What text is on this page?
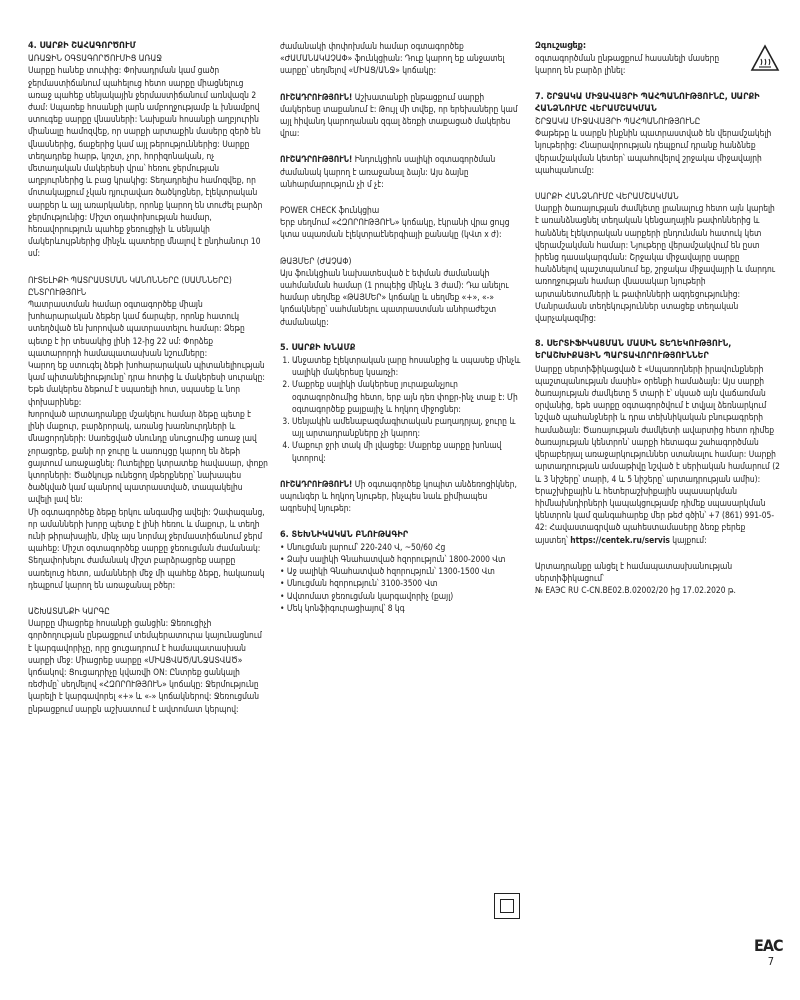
4. ՍԱՐՔԻ ՇԱՀԱԳՈՐԾՈՒՄ

ԱՌԱՋԻՆ ՕԳՏԱԳՈՐԾՈՒՄԻՑ ԱՌԱՋ

Սարքը հանեք տուփից: Փոխադրման կամ ցածր ջերմաստիճանում պահելուց հետո սարքը միացնելուց առաջ պահեք սենյակային ջերմաստիճանում առնվազն 2 ժամ: Սպառեք հոսանքի լարն ամբողջությամբ և խնամքով ստուգեք սարքը վնասների: Նախքան հոսանքի աղբյուրին միանալը համոզվեք, որ սարքի արտաքին մասերը զերծ են վնասներից, ճաքերից կամ այլ թերություններից: Սարքը տեղադրեք հարթ, կոշտ, չոր, հորիզոնական, ոչ մետաղական մակերեսի վրա՝ հեռու ջերմության աղբյուրներից և բաց կրակից: Տեղադրելիս համոզվեք, որ մոտակայքում չկան դյուրավառ ծածկոցներ, էլեկտրական սարքեր և այլ առարկաներ, որոնք կարող են տուժել բարձր ջերմությունից: Միշտ օդափոխության համար, հեռավորություն պահեք ջեռուցիչի և սենյակի մակերևույթներից մինչև պատերը մնալով է ընդհանուր 10 սմ:

ՈՒՏԵԼԻՔԻ ՊԱՏՐԱՍՏՄԱՆ ԿԱՆՈՆՆԵՐԸ (ՍԱՄՆՆԵՐԸ) ԸՆՏՐՈՒԹՅՈՒՆ

Պատրաստման համար օգտագործեք միայն խոհարարական ձեթեր կամ ճարպեր, որոնք հատուկ ստեղծված են խորոված պատրաստելու համար: Ձեթը պետք է իր տեսակից լինի 12-ից 22 սմ: Փորձեք պատարորդի համապատասխան նշումները:

Կարող եք ստուգել ձեթի խոհարարական պիտանելիության կամ պիտանելիությունը՝ դրա հոտից և մակերեսի սուրակը: Եթե մակերես ձեթում է սպառելի հոտ, սպասեք և նոր փոխարինեք:

Խորոված արտադրանքը մշակելու համար ձեթը պետք է լինի մաքուր, բարձրորակ, առանց խառնուրդների և մնացորդների: Սառեցված սնունդը սնուցումից առաջ լավ չորացրեք, քանի որ ջուրը և սառույցը կարող են ձեթի ցայտում առաջացնել: Ուտելիքը կտրատեք հավասար, փոքր կտորների: Ծածկույթ ունեցող մթերքները՝ նախապես ծածկված կամ պանրով պատրաստված, տապակելիս ավելի լավ են:

Մի օգտագործեք ձեթը երկու անգամից ավելի: Չափազանց, որ ամանների խորը պետք է լինի հեռու և մաքուր, և տեղի ունի թիրախային, մինչ այս նորմալ ջերմաստիճանում ջերմ պահեք: Միշտ օգտագործեք սարքը ջեռուցման ժամանակ:

Տեղափոխելու ժամանակ միշտ բարձրացրեք սարքը սառելուց հետո, ամանների մեջ մի պահեք ձեթը, հակառակ դեպքում կարող են առաջանալ բծեր:

ԱՇԽԱՏԱՆՔԻ ԿԱՐԳԸ

Սարքը միացրեք հոսանքի ցանցին: Ջեռուցիչի գործողության ընթացքում տեմպերատուրա կայունացնում է կարգավորիչը, որը ցուցադրում է համապատասխան սարքի մեջ: Միացրեք սարքը «ՄԻԱՑՎԱԾ/ԱՆՋԱՏՎԱԾ» կոճակով: Ցուցադրիչը կվառվի ON: Ընտրեք ցանկալի ռեժիմը՝ սեղմելով «ՀԶՈՐՈՒԹՅՈՒՆ» կոճակը: Ջերմությունը կարելի է կարգավորել «+» և «-» կոճակներով: Ջեռուցման ընթացքում սարքն աշխատում է ավտոմատ կերպով:

ժամանակի փոփոխման համար օգտագործեք «ԺԱՄԱՆԱԿԱՉԱՓ» ֆունկցիան: Դուք կարող եք անջատել սարքը՝ սեղմելով «ՄԻԱՑ/ԱՆՋ» կոճակը:

ՈՒՇԱԴՐՈՒԹՅՈՒՆ! Աշխատանքի ընթացքում սարքի մակերեսը տաքանում է: Թույլ մի տվեք, որ երեխաները կամ այլ հիվանդ կարողանան զգալ ձեռքի տաքացած մակերես վրա:

ՈՒՇԱԴՐՈՒԹՅՈՒՆ! Ինդուկցիոն սալիկի օգտագործման ժամանակ կարող է առաջանալ ձայն: Այս ձայնը անհարմարություն չի մ չէ:

POWER CHECK ֆունկցիա

Երբ սեղմում «ՀԶՈՐՈՒԹՅՈՒՆ» կոճակը, էկրանի վրա ցույց կտա սպառման էլեկտրաէներգիայի քանակը (կՎտ x ժ):

ԹԱՅՄԵՐ (ԺԱՉԱՓ)

Այս ֆունկցիան նախատեսված է եփման ժամանակի սահմանման համար (1 րոպեից մինչև 3 ժամ): Դա անելու համար սեղմեք «ԹԱՅՄԵՐ» կոճակը և սեղմեք «+», «-» կոճակները՝ սահմանելու պատրաստման անհրաժեշտ ժամանակը:

5. ՍԱՐՔԻ ԽՆԱՄՔ

1. Անջատեք էլեկտրական լարը հոսանքից և սպասեք մինչև սալիկի մակերեսը կսառչի:
2. Մաքրեք սալիկի մակերեսը յուրաքանչյուր օգտագործումից հետո, երբ այն դեռ փոքր-ինչ տաք է: Մի օգտագործեք քայքայիչ և հղկող միջոցներ:
3. Սենյակին ամենաբազմագիտական բաղադրյալ, ջուրը և այլ արտադրանքները չի կարող:
4. Մաքուր ջրի տակ մի լվացեք: Մաքրեք սարքը խոնավ կտորով:

ՈՒՇԱԴՐՈՒԹՅՈՒՆ! Մի օգտագործեք կոպիտ անձեռոցիկներ, սպունգեր և հղկող նյութեր, ինչպես նաև քիմիապես ագրեսիվ նյութեր:

6. ՏԵԽՆԻԿԱԿԱՆ ԲՆՈՒԹԱԳԻՐ

• Սնուցման լարում՝ 220-240 Վ, ~50/60 Հց

• Ձախ սալիկի Գնահատված հզորություն՝ 1800-2000 Վտ

• Աջ սալիկի Գնահատված հզորություն՝ 1300-1500 Վտ

• Սնուցման հզորություն՝ 3100-3500 Վտ

• Ավտոմատ ջեռուցման կարգավորիչ (քայլ)

• Մեկ կոնֆիգուրացիայով՝ 8 կգ

Զգուշացեք:

օգտագործման ընթացքում հասանելի մասերը կարող են բարձր լինել:

7. ՇՐՋԱԿԱ ՄԻՋԱՎԱՅՐԻ ՊԱՀՊԱՆՈՒԹՅՈՒՆԸ, ՍԱՐՔԻ ՀԱՆՁՆՈՒՄԸ ՎԵՐԱՄՇԱԿՄԱՆ

ՇՐՋԱԿԱ ՄԻՋԱՎԱՅՐԻ ՊԱՀՊԱՆՈՒԹՅՈՒՆԸ

Փաթեթը և սարքն ինքնին պատրաստված են վերամշակելի նյութերից: Հնարավորության դեպքում դրանք հանձնեք վերամշակման կետեր՝ ապահովելով շրջակա միջավայրի պահպանումը:

ՍԱՐՔԻ ՀԱՆՁՆՈՒՄԸ ՎԵՐԱՄՇԱԿՄԱՆ

Սարքի ծառայության ժամկետը լրանալուց հետո այն կարելի է առանձնացնել տեղական կենցաղային թափոններից և հանձնել էլեկտրական սարքերի ընդունման հատուկ կետ վերամշակման համար: Նյութերը վերամշակվում են ըստ իրենց դասակարգման: Շրջակա միջավայրը սարքը հանձնելով պաշտպանում եք, շրջակա միջավայրի և մարդու առողջության համար վնասակար նյութերի արտանետումների և թափոնների ազդեցությունից: Մանրամասն տեղեկություններ ստացեք տեղական վարչակազմից:

8. ՍԵՐՏԻՖԻԿԱՑՄԱՆ ՄԱՍԻՆ ՏԵՂԵԿՈՒԹՅՈՒՆ, ԵՐԱՇԽԻՔԱՅԻՆ ՊԱՐՏԱՎՈՐՈՒԹՅՈՒՆՆԵՐ

Սարքը սերտիֆիկացված է «Սպառողների իրավունքների պաշտպանության մասին» օրենքի համաձայն: Այս սարքի ծառայության ժամկետը 5 տարի է՝ սկսած այն վաճառման օրվանից, եթե սարքը օգտագործվում է տվյալ ձեռնարկում նշված պահանջների և դրա տեխնիկական բնութագրերի համաձայն: Ծառայության ժամկետի ավարտից հետո դիմեք ծառայության կենտրոն՝ սարքի հետագա շահագործման վերաբերյալ առաջարկություններ ստանալու համար: Սարքի արտադրության ամսաթիվը նշված է սերիական համարում (2 և 3 նիշերը՝ տարի, 4 և 5 նիշերը՝ արտադրության ամիս): Երաշխիքային և հետերաշխիքային սպասարկման հիմնախնդիրների կապակցությամբ դիմեք սպասարկման կենտրոն կամ զանգահարեք մեր թեժ գծին՝ +7 (861) 991-05-42: Հավաստագրված պահեստամասերը ձեռք բերեք այստեղ՝ https://centek.ru/servis կայքում:

Արտադրանքը անցել է համապատասխանության սերտիֆիկացում՝

№ ЕАЭС RU C-CN.ВЕ02.В.02002/20 ից 17.02.2020 թ.

EAC
7
